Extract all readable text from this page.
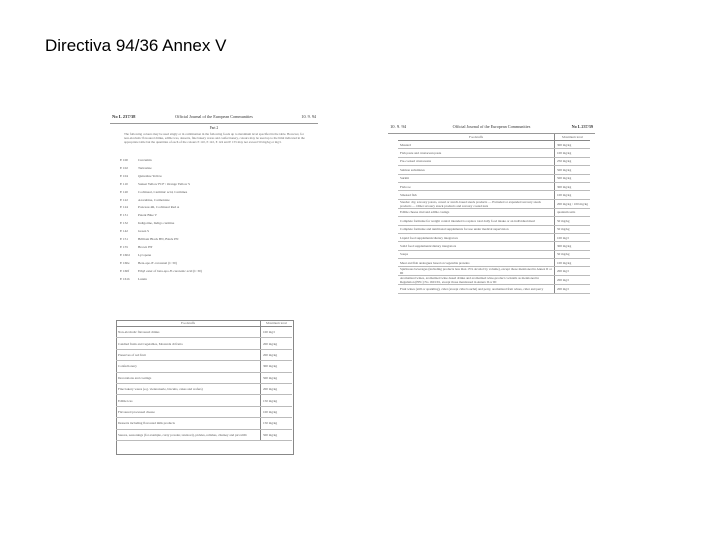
Directiva 94/36 Annex V
No L 237/38	Official Journal of the European Communities	10. 9. 94
Part 2
The following colours may be used singly or in combination in the following foods up to maximum level specified in the table. However, for non-alcoholic flavoured drinks, edible ices, desserts, fine bakery wares and confectionery, colours may be used up to the limit indicated in the appropriate table but the quantities of each of the colours E 110, E 122, E 124 and E 155 may not exceed 50 mg/kg or mg/l.
E 100	Curcumin
E 102	Tartrazine
E 104	Quinoline Yellow
E 110	Sunset Yellow FCF / Orange Yellow S
E 120	Cochineal, Carminic acid, Carmines
E 122	Azorubine, Carmoisine
E 124	Ponceau 4R, Cochineal Red A
E 131	Patent Blue V
E 132	Indigotine, Indigo carmine
E 142	Green S
E 151	Brilliant Black BN, Black PN
E 155	Brown HT
E 160d Lycopene
E 160e Beta-apo-8'-carotenal (C 30)
E 160f	Ethyl ester of beta-apo-8'-carotenic acid (C 30)
E 161b Lutein
Foodstuffs	Maximum level
Non-alcoholic flavoured drinks	100 mg/l
Candied fruits and vegetables, Mostarda di frutta	200 mg/kg
Preserves of red fruit	200 mg/kg
Confectionery	300 mg/kg
Decorations and coatings	500 mg/kg
Fine bakery wares (e.g. viennoiserie, biscuits, cakes and wafers)	200 mg/kg
Edible ices	150 mg/kg
Flavoured processed cheese	100 mg/kg
Desserts including flavoured milk products	150 mg/kg
Sauces, seasonings (for example, curry powder, tandoori), pickles, relishes, chutney and piccalilli	500 mg/kg
10. 9. 94	Official Journal of the European Communities	No L 237/39
Foodstuffs	Maximum level
Mustard	300 mg/kg
Fish paste and crustacean paste	100 mg/kg
Pre-cooked crustaceans	250 mg/kg
Salmon substitutes	500 mg/kg
Surimi	500 mg/kg
Fish roe	300 mg/kg
Smoked fish	100 mg/kg
Snacks: dry, savoury potato, cereal or starch-based snack products — Extruded or expanded savoury snack products — Other savoury snack products and savoury coated nuts	200 mg/kg / 100 mg/kg
Edible cheese rind and edible casings	quantum satis
Complete formulae for weight control intended to replace total daily food intake or an individual meal	50 mg/kg
Complete formulae and nutritional supplements for use under medical supervision	50 mg/kg
Liquid food supplements/dietary integrators	100 mg/l
Solid food supplements/dietary integrators	300 mg/kg
Soups	50 mg/kg
Meat and fish analogues based on vegetable proteins	100 mg/kg
Spirituous beverages (including products less than 15% alcohol by volume), except those mentioned in Annex II or III	200 mg/l
Aromatized wines, aromatized wine-based drinks and aromatized wine-product cocktails as mentioned in Regulation (EEC) No 1601/91, except those mentioned in Annex II or III	200 mg/l
Fruit wines (still or sparkling), cider (except cidre bouché) and perry, aromatized fruit wines, cider and perry	200 mg/l
